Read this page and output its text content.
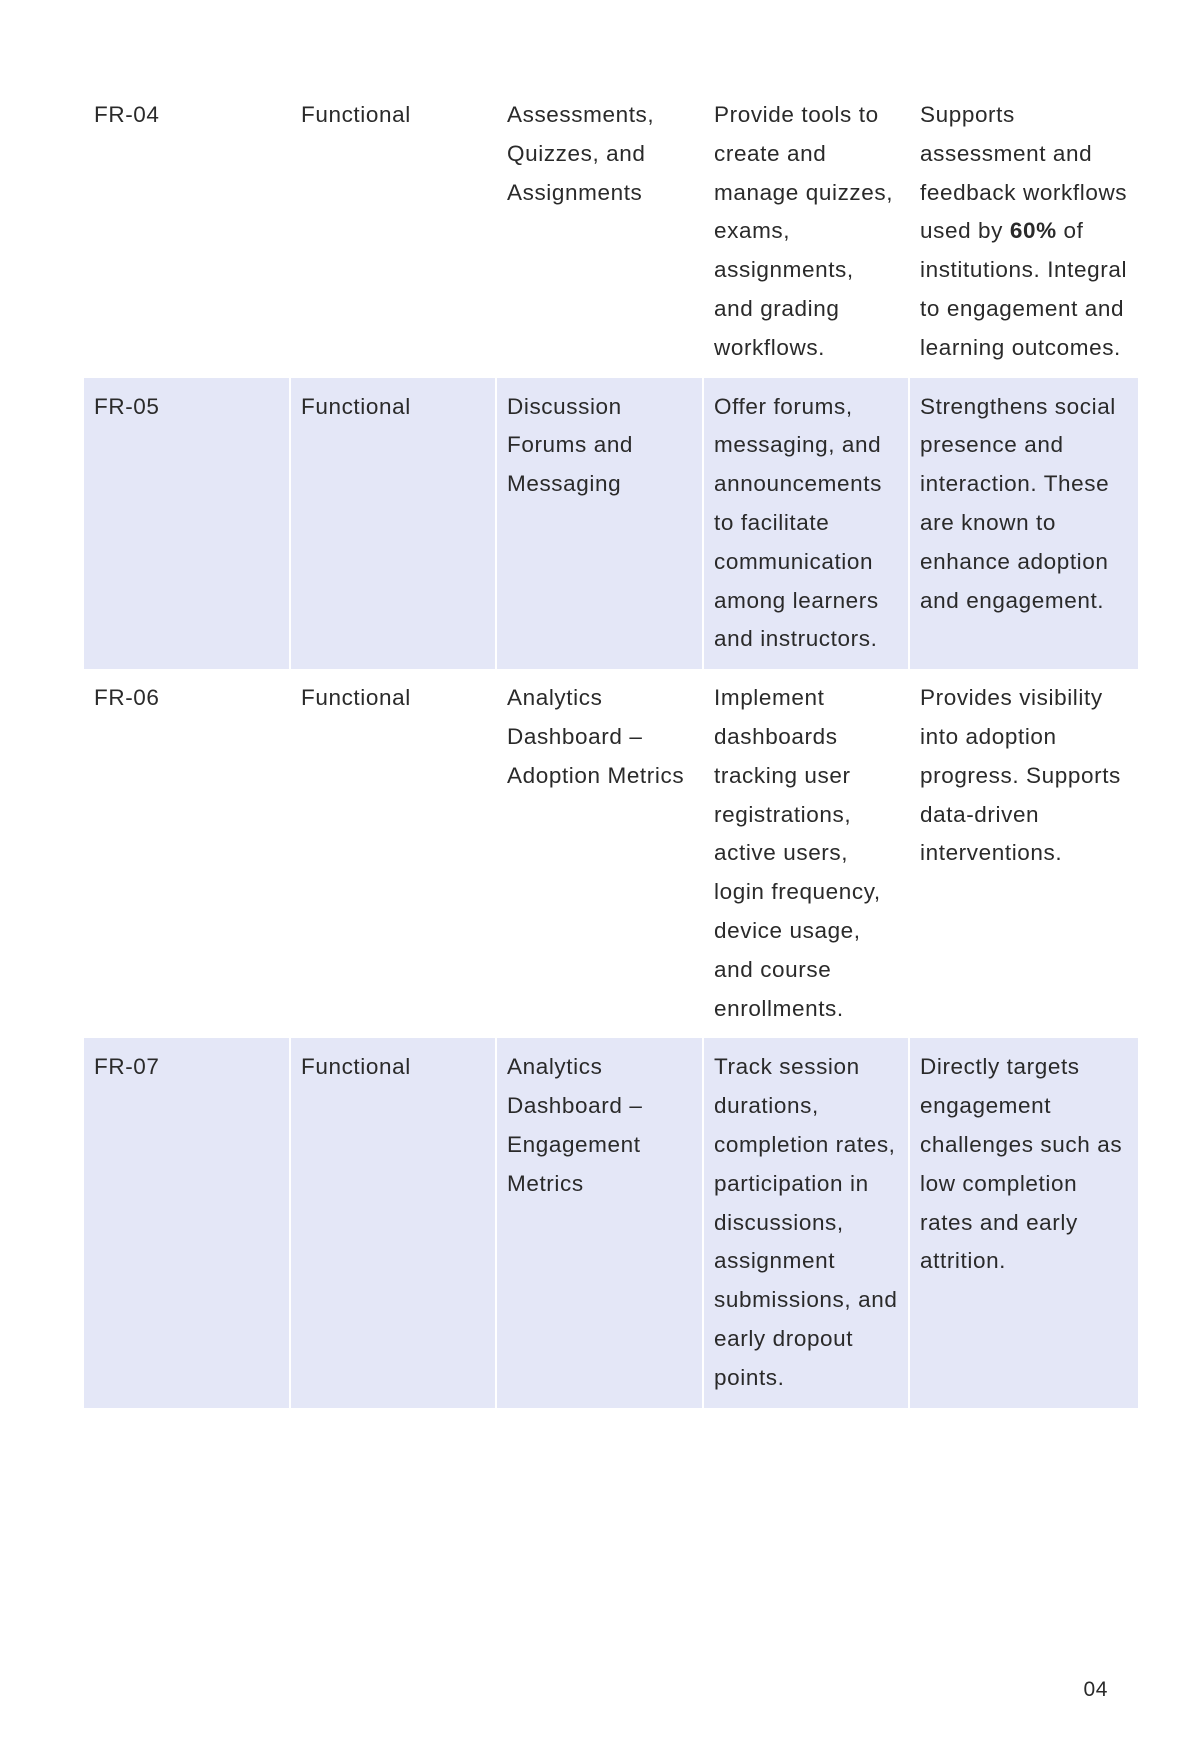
FR-04	Functional	Assessments, Quizzes, and Assignments	Provide tools to create and manage quizzes, exams, assignments, and grading workflows.	Supports assessment and feedback workflows used by 60% of institutions. Integral to engagement and learning outcomes.

FR-05	Functional	Discussion Forums and Messaging	Offer forums, messaging, and announcements to facilitate communication among learners and instructors.	Strengthens social presence and interaction. These are known to enhance adoption and engagement.
FR-06	Functional	Analytics Dashboard – Adoption Metrics	Implement dashboards tracking user registrations, active users, login frequency, device usage, and course enrollments.	Provides visibility into adoption progress. Supports data-driven interventions.
FR-07	Functional	Analytics Dashboard – Engagement Metrics	Track session durations, completion rates, participation in discussions, assignment submissions, and early dropout points.	Directly targets engagement challenges such as low completion rates and early attrition.
04
